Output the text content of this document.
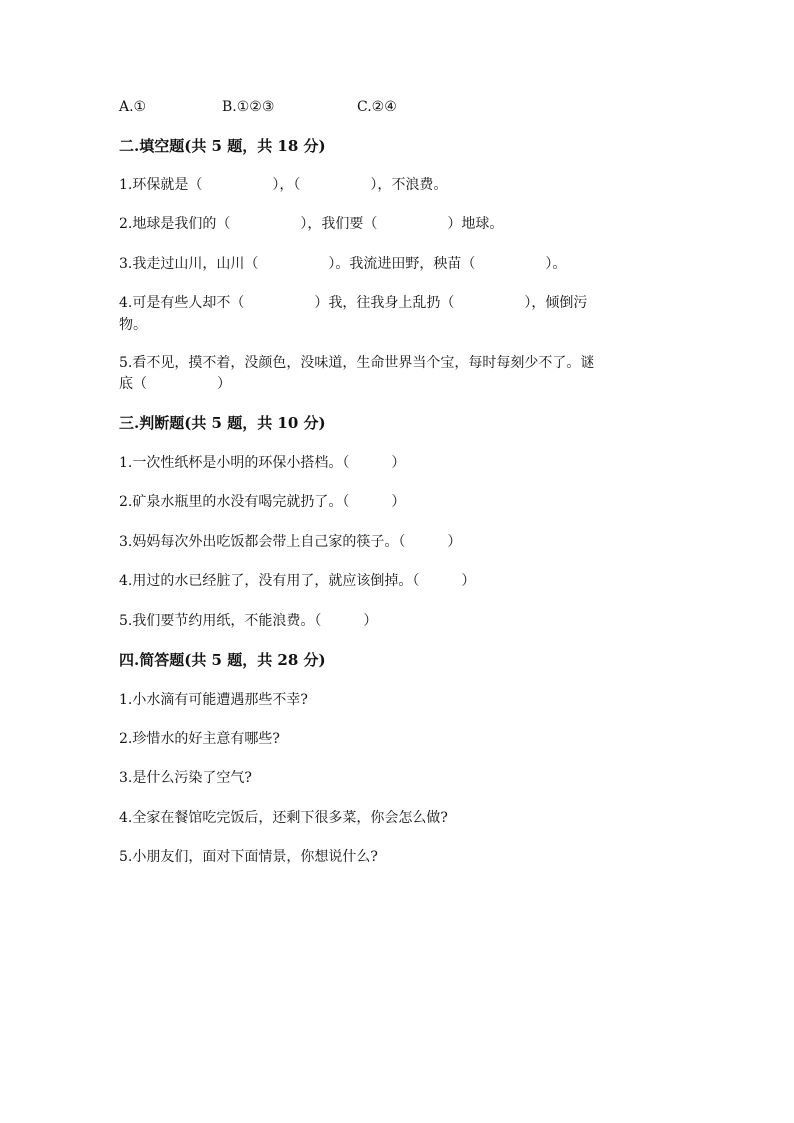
A.①	B.①②③	C.②④
二.填空题(共 5 题，共 18 分)
1.环保就是（　　　　　），（　　　　　），不浪费。
2.地球是我们的（　　　　　），我们要（　　　　　）地球。
3.我走过山川，山川（　　　　　）。我流进田野，秧苗（　　　　　）。
4.可是有些人却不（　　　　　）我，往我身上乱扔（　　　　　），倾倒污
物。
5.看不见，摸不着，没颜色，没味道，生命世界当个宝，每时每刻少不了。谜
底（　　　　　）
三.判断题(共 5 题，共 10 分)
1.一次性纸杯是小明的环保小搭档。（　　　）
2.矿泉水瓶里的水没有喝完就扔了。（　　　）
3.妈妈每次外出吃饭都会带上自己家的筷子。（　　　）
4.用过的水已经脏了，没有用了，就应该倒掉。（　　　）
5.我们要节约用纸，不能浪费。（　　　）
四.简答题(共 5 题，共 28 分)
1.小水滴有可能遭遇那些不幸?
2.珍惜水的好主意有哪些?
3.是什么污染了空气?
4.全家在餐馆吃完饭后，还剩下很多菜，你会怎么做?
5.小朋友们，面对下面情景，你想说什么?
